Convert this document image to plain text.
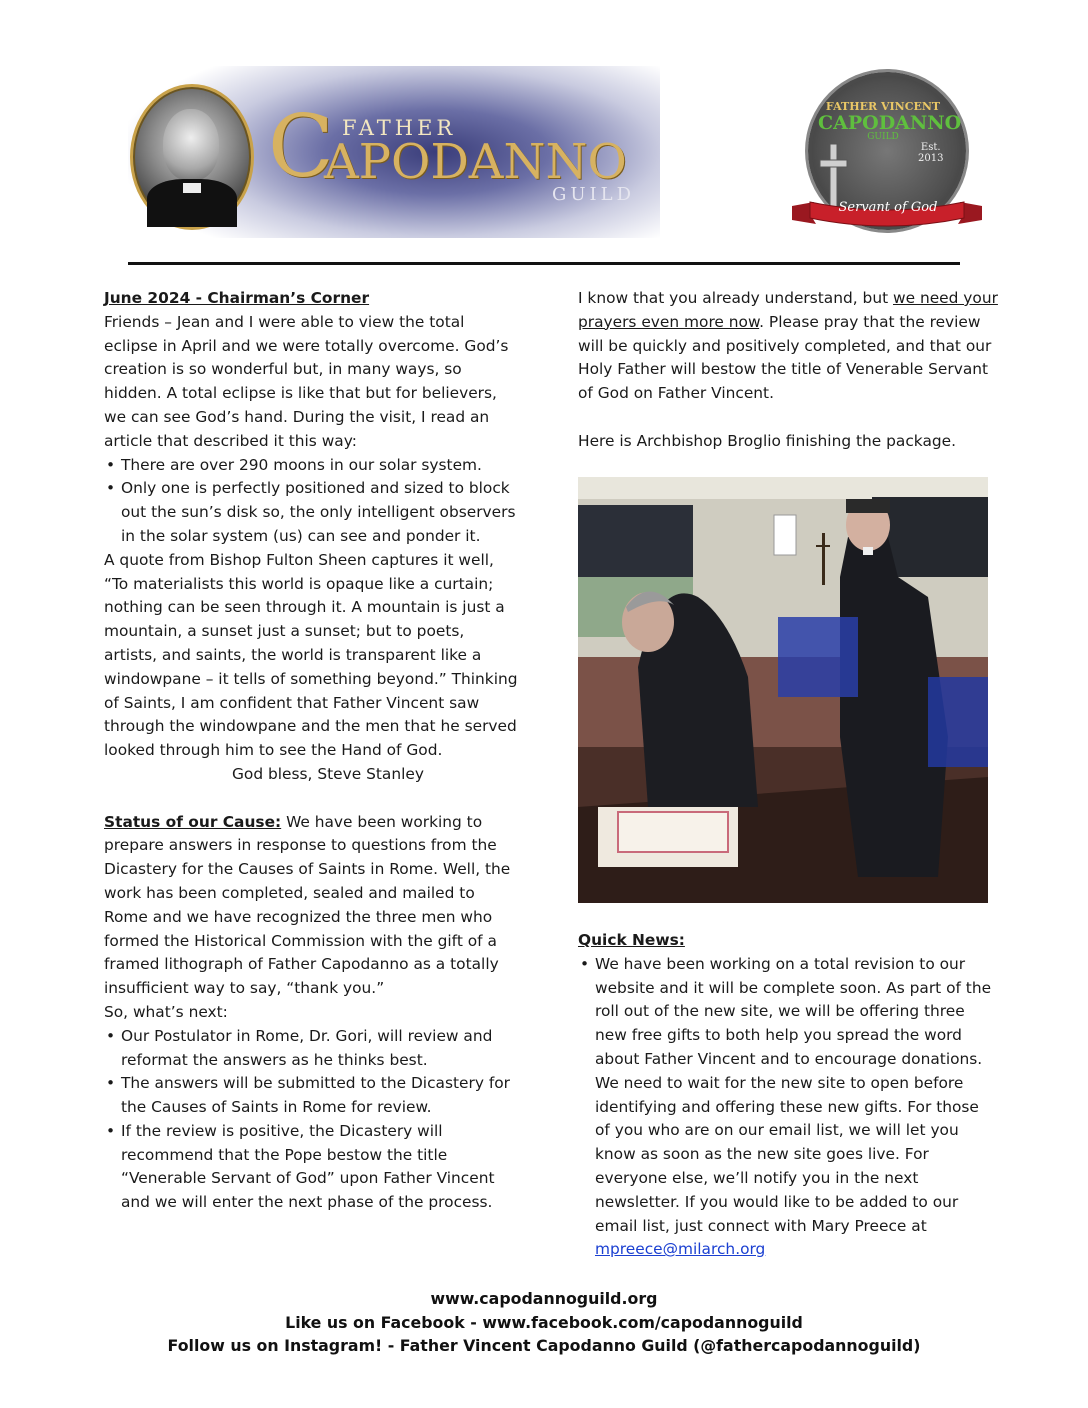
C FATHER
APODANNO
GUILD
FATHER VINCENT
CAPODANNO
GUILD
Est.
2013
Servant of God

June 2024 - Chairman’s Corner

Friends – Jean and I were able to view the total eclipse in April and we were totally overcome. God’s creation is so wonderful but, in many ways, so hidden. A total eclipse is like that but for believers, we can see God’s hand. During the visit, I read an article that described it this way:

• There are over 290 moons in our solar system.
• Only one is perfectly positioned and sized to block out the sun’s disk so, the only intelligent observers in the solar system (us) can see and ponder it.

A quote from Bishop Fulton Sheen captures it well, “To materialists this world is opaque like a curtain; nothing can be seen through it. A mountain is just a mountain, a sunset just a sunset; but to poets, artists, and saints, the world is transparent like a windowpane – it tells of something beyond.” Thinking of Saints, I am confident that Father Vincent saw through the windowpane and the men that he served looked through him to see the Hand of God.

God bless, Steve Stanley

Status of our Cause: We have been working to prepare answers in response to questions from the Dicastery for the Causes of Saints in Rome. Well, the work has been completed, sealed and mailed to Rome and we have recognized the three men who formed the Historical Commission with the gift of a framed lithograph of Father Capodanno as a totally insufficient way to say, “thank you.”

So, what’s next:

• Our Postulator in Rome, Dr. Gori, will review and reformat the answers as he thinks best.
• The answers will be submitted to the Dicastery for the Causes of Saints in Rome for review.
• If the review is positive, the Dicastery will recommend that the Pope bestow the title “Venerable Servant of God” upon Father Vincent and we will enter the next phase of the process.

I know that you already understand, but we need your prayers even more now. Please pray that the review will be quickly and positively completed, and that our Holy Father will bestow the title of Venerable Servant of God on Father Vincent.

Here is Archbishop Broglio finishing the package.

Quick News:

• We have been working on a total revision to our website and it will be complete soon. As part of the roll out of the new site, we will be offering three new free gifts to both help you spread the word about Father Vincent and to encourage donations. We need to wait for the new site to open before identifying and offering these new gifts. For those of you who are on our email list, we will let you know as soon as the new site goes live. For everyone else, we’ll notify you in the next newsletter. If you would like to be added to our email list, just connect with Mary Preece at mpreece@milarch.org
www.capodannoguild.org
Like us on Facebook - www.facebook.com/capodannoguild
Follow us on Instagram! - Father Vincent Capodanno Guild (@fathercapodannoguild)
